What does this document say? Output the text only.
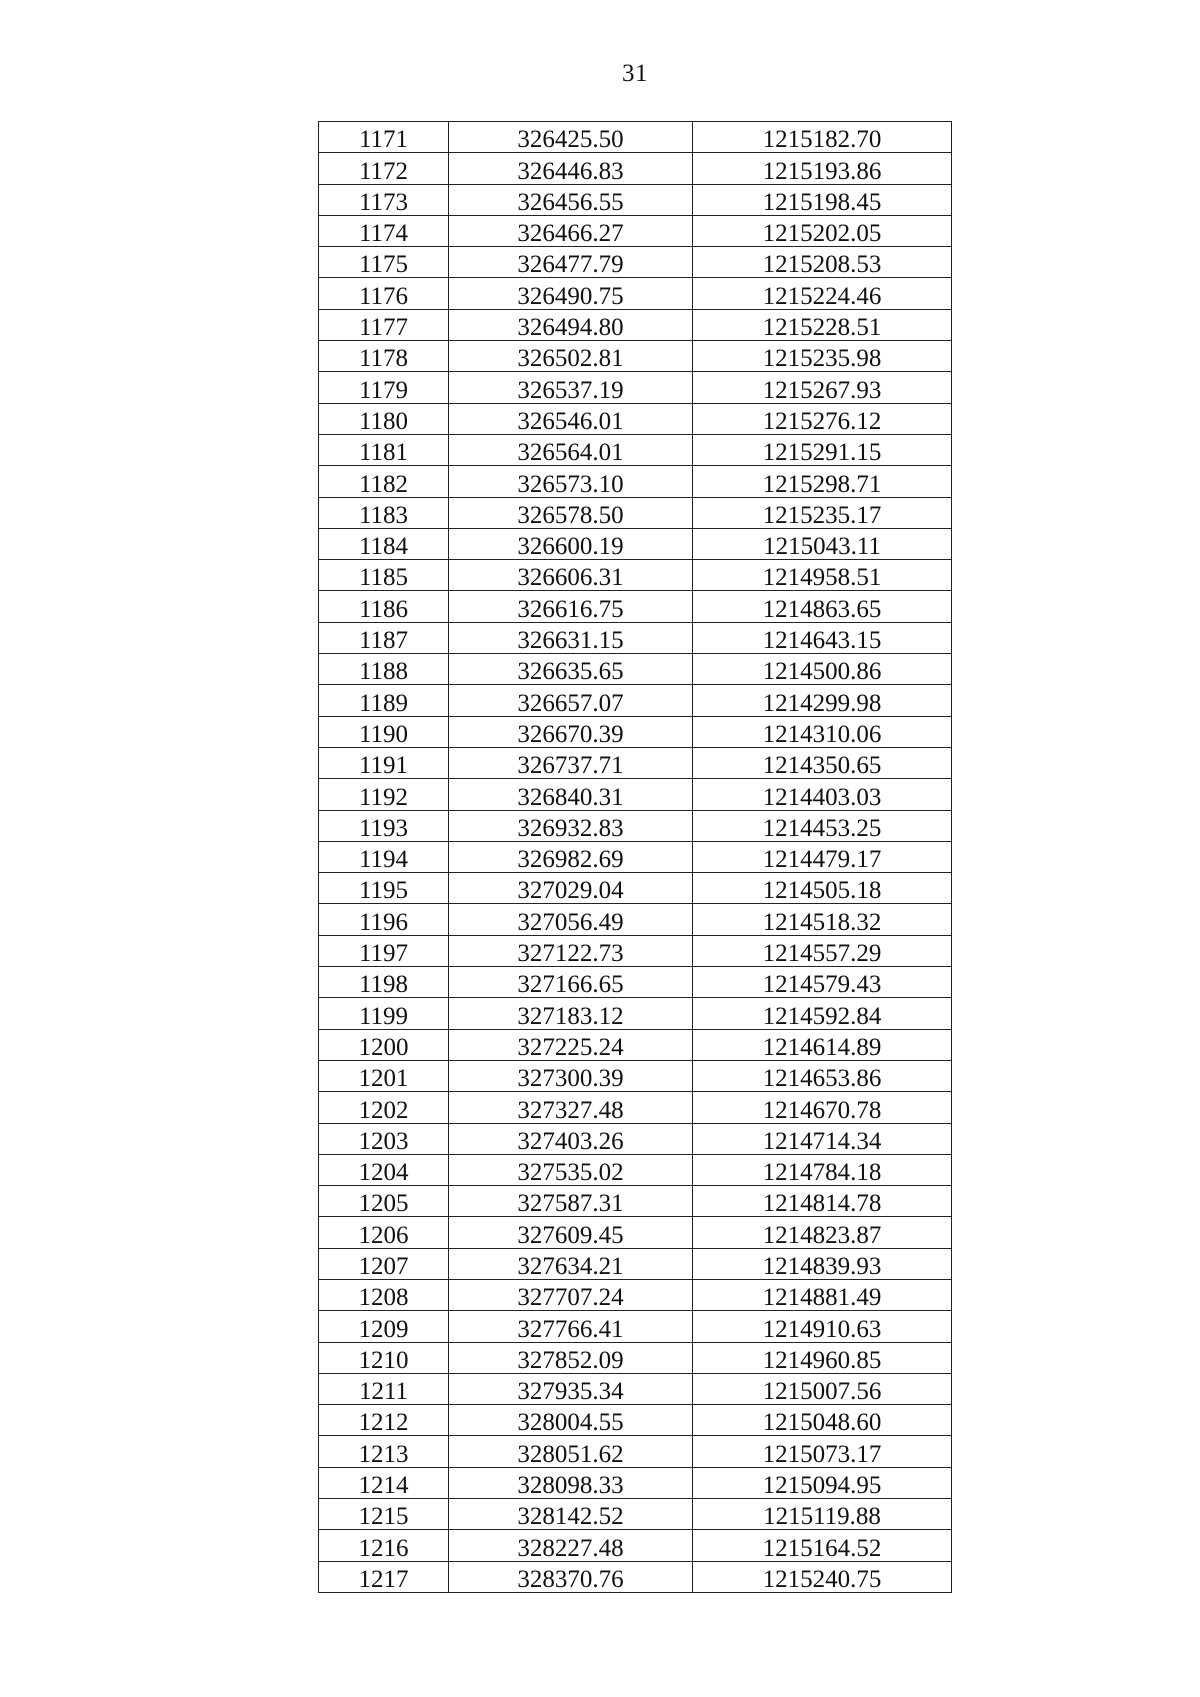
31
1171	326425.50	1215182.70
1172	326446.83	1215193.86
1173	326456.55	1215198.45
1174	326466.27	1215202.05
1175	326477.79	1215208.53
1176	326490.75	1215224.46
1177	326494.80	1215228.51
1178	326502.81	1215235.98
1179	326537.19	1215267.93
1180	326546.01	1215276.12
1181	326564.01	1215291.15
1182	326573.10	1215298.71
1183	326578.50	1215235.17
1184	326600.19	1215043.11
1185	326606.31	1214958.51
1186	326616.75	1214863.65
1187	326631.15	1214643.15
1188	326635.65	1214500.86
1189	326657.07	1214299.98
1190	326670.39	1214310.06
1191	326737.71	1214350.65
1192	326840.31	1214403.03
1193	326932.83	1214453.25
1194	326982.69	1214479.17
1195	327029.04	1214505.18
1196	327056.49	1214518.32
1197	327122.73	1214557.29
1198	327166.65	1214579.43
1199	327183.12	1214592.84
1200	327225.24	1214614.89
1201	327300.39	1214653.86
1202	327327.48	1214670.78
1203	327403.26	1214714.34
1204	327535.02	1214784.18
1205	327587.31	1214814.78
1206	327609.45	1214823.87
1207	327634.21	1214839.93
1208	327707.24	1214881.49
1209	327766.41	1214910.63
1210	327852.09	1214960.85
1211	327935.34	1215007.56
1212	328004.55	1215048.60
1213	328051.62	1215073.17
1214	328098.33	1215094.95
1215	328142.52	1215119.88
1216	328227.48	1215164.52
1217	328370.76	1215240.75
